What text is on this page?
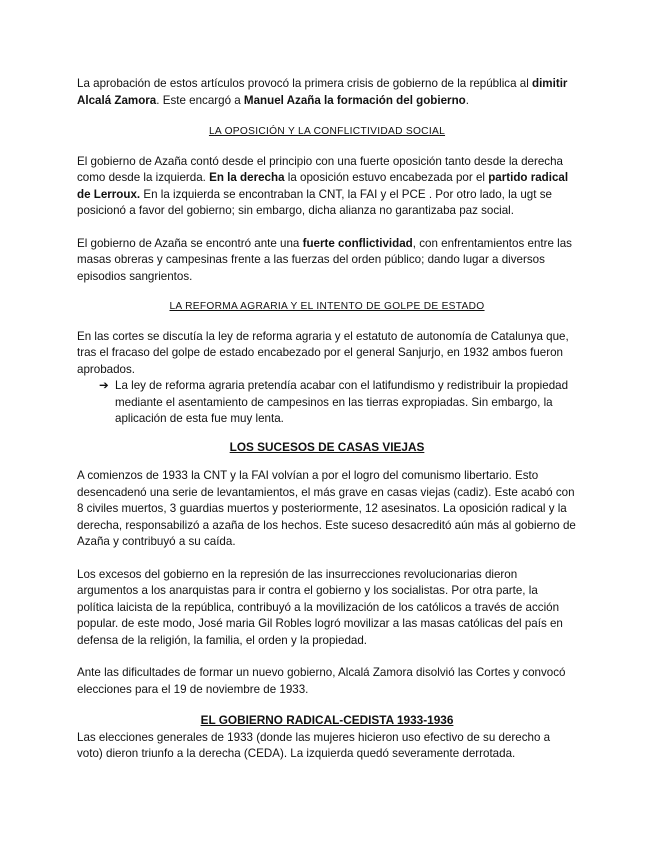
La aprobación de estos artículos provocó la primera crisis de gobierno de la república al dimitir Alcalá Zamora. Este encargó a Manuel Azaña la formación del gobierno.

LA OPOSICIÓN Y LA CONFLICTIVIDAD SOCIAL

El gobierno de Azaña contó desde el principio con una fuerte oposición tanto desde la derecha como desde la izquierda. En la derecha la oposición estuvo encabezada por el partido radical de Lerroux. En la izquierda se encontraban la CNT, la FAI y el PCE . Por otro lado, la ugt se posicionó a favor del gobierno; sin embargo, dicha alianza no garantizaba paz social.

El gobierno de Azaña se encontró ante una fuerte conflictividad, con enfrentamientos entre las masas obreras y campesinas frente a las fuerzas del orden público; dando lugar a diversos episodios sangrientos.

LA REFORMA AGRARIA Y EL INTENTO DE GOLPE DE ESTADO

En las cortes se discutía la ley de reforma agraria y el estatuto de autonomía de Catalunya que, tras el fracaso del golpe de estado encabezado por el general Sanjurjo, en 1932 ambos fueron aprobados.

➔ La ley de reforma agraria pretendía acabar con el latifundismo y redistribuir la propiedad mediante el asentamiento de campesinos en las tierras expropiadas. Sin embargo, la aplicación de esta fue muy lenta.

LOS SUCESOS DE CASAS VIEJAS

A comienzos de 1933 la CNT y la FAI volvían a por el logro del comunismo libertario. Esto desencadenó una serie de levantamientos, el más grave en casas viejas (cadiz). Este acabó con 8 civiles muertos, 3 guardias muertos y posteriormente, 12 asesinatos. La oposición radical y la derecha, responsabilizó a azaña de los hechos. Este suceso desacreditó aún más al gobierno de Azaña y contribuyó a su caída.

Los excesos del gobierno en la represión de las insurrecciones revolucionarias dieron argumentos a los anarquistas para ir contra el gobierno y los socialistas. Por otra parte, la política laicista de la república, contribuyó a la movilización de los católicos a través de acción popular. de este modo, José maria Gil Robles logró movilizar a las masas católicas del país en defensa de la religión, la familia, el orden y la propiedad.

Ante las dificultades de formar un nuevo gobierno, Alcalá Zamora disolvió las Cortes y convocó elecciones para el 19 de noviembre de 1933.

EL GOBIERNO RADICAL-CEDISTA 1933-1936

Las elecciones generales de 1933 (donde las mujeres hicieron uso efectivo de su derecho a voto) dieron triunfo a la derecha (CEDA). La izquierda quedó severamente derrotada.
